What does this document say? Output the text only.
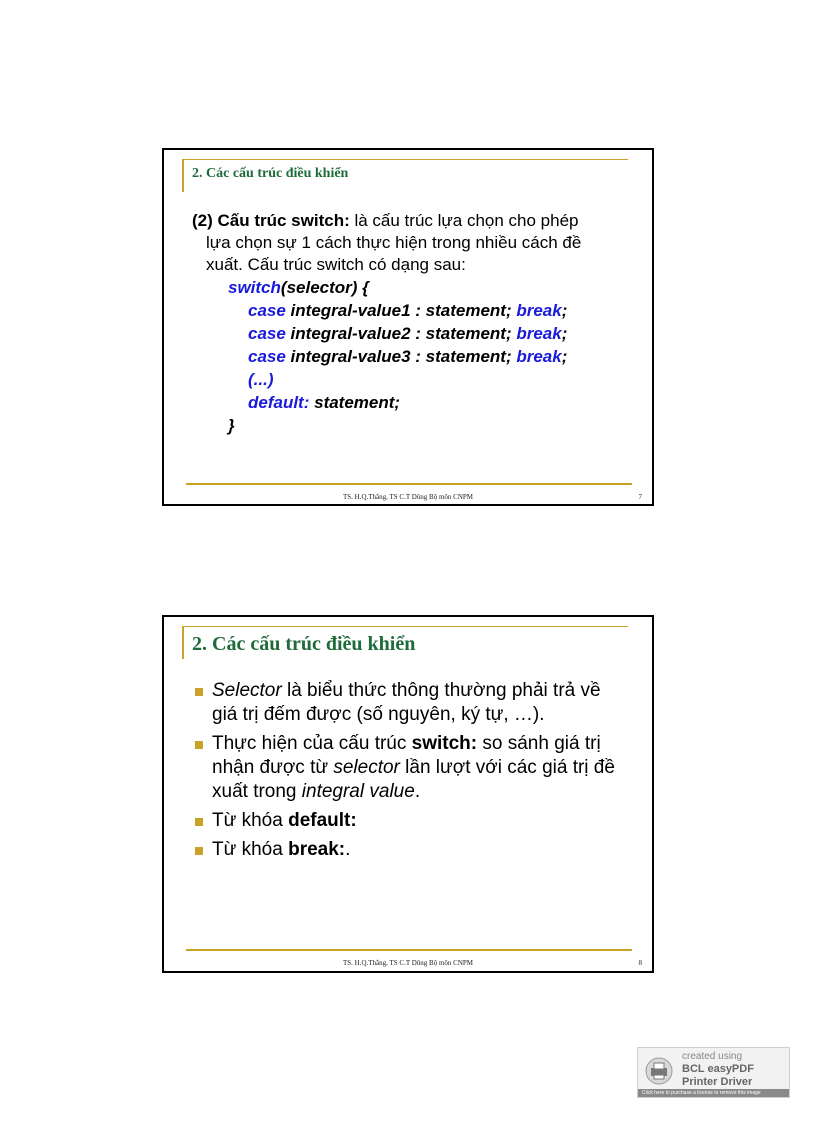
2. Các cấu trúc điều khiển
(2) Cấu trúc switch: là cấu trúc lựa chọn cho phép
lựa chọn sự 1 cách thực hiện trong nhiều cách đề
xuất. Cấu trúc switch có dạng sau:
switch(selector) {
case integral-value1 : statement; break;
case integral-value2 : statement; break;
case integral-value3 : statement; break;
(...)
default: statement;
}
TS. H.Q.Thắng, TS C.T Dũng Bộ môn CNPM	7
2. Các cấu trúc điều khiển
Selector là biểu thức thông thường phải trả về giá trị đếm được (số nguyên, ký tự, …).
Thực hiện của cấu trúc switch: so sánh giá trị nhận được từ selector lần lượt với các giá trị đề xuất trong integral value.
Từ khóa default:
Từ khóa break:.
TS. H.Q.Thắng, TS C.T Dũng Bộ môn CNPM	8
created using
BCL easyPDF
Printer Driver
Click here to purchase a license to remove this image
